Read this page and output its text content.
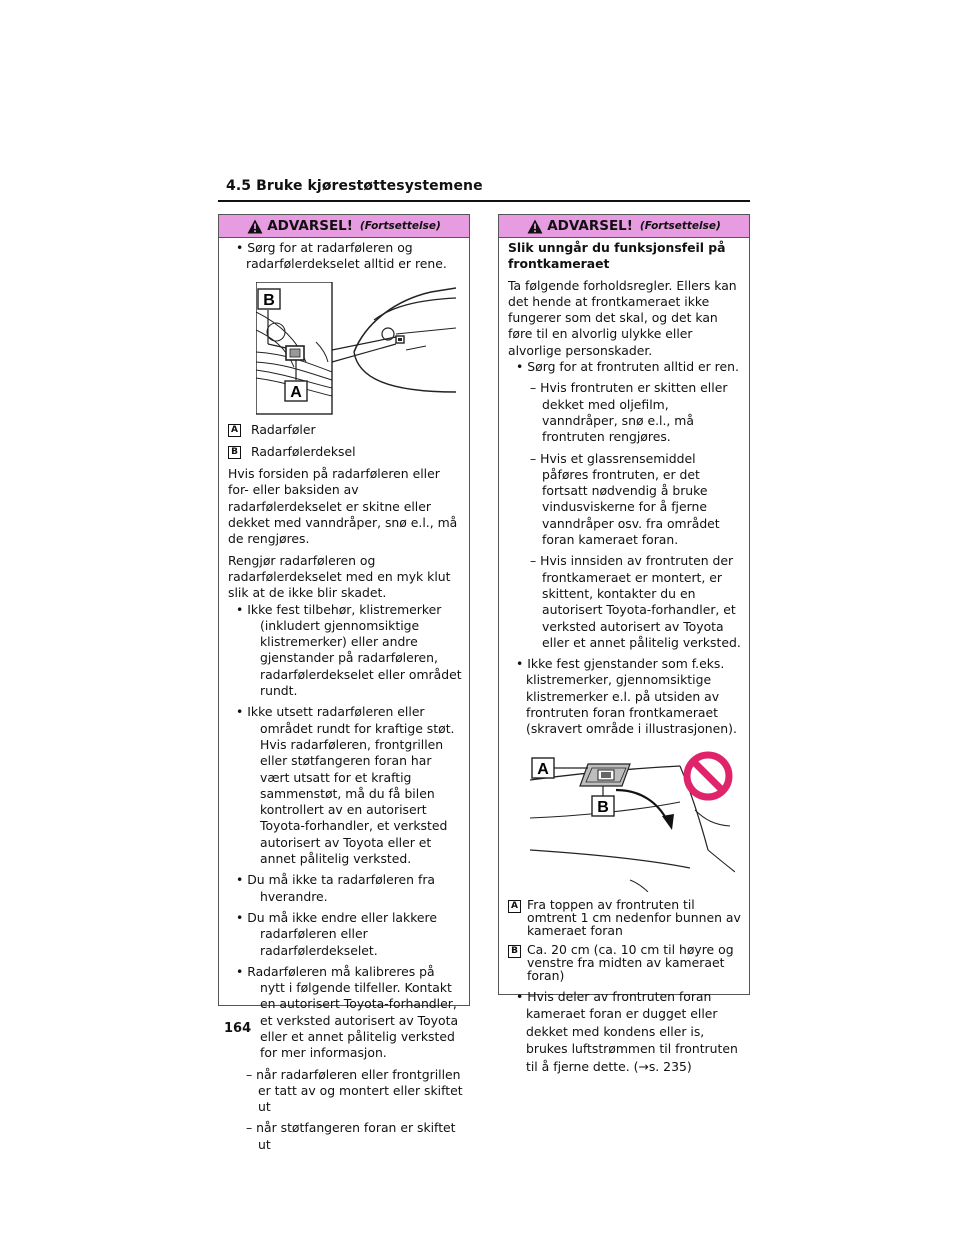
4.5 Bruke kjørestøttesystemene
ADVARSEL! (Fortsettelse)

• Sørg for at radarføleren og radarfølerdekselet alltid er rene.

B
A
A Radarføler
B Radarfølerdeksel

Hvis forsiden på radarføleren eller for- eller baksiden av radarfølerdekselet er skitne eller dekket med vanndråper, snø e.l., må de rengjøres.

Rengjør radarføleren og radarfølerdekselet med en myk klut slik at de ikke blir skadet.

• Ikke fest tilbehør, klistremerker (inkludert gjennomsiktige klistremerker) eller andre gjenstander på radarføleren, radarfølerdekselet eller området rundt.

• Ikke utsett radarføleren eller området rundt for kraftige støt. Hvis radarføleren, frontgrillen eller støtfangeren foran har vært utsatt for et kraftig sammenstøt, må du få bilen kontrollert av en autorisert Toyota-forhandler, et verksted autorisert av Toyota eller et annet pålitelig verksted.

• Du må ikke ta radarføleren fra hverandre.

• Du må ikke endre eller lakkere radarføleren eller radarfølerdekselet.

• Radarføleren må kalibreres på nytt i følgende tilfeller. Kontakt en autorisert Toyota-forhandler, et verksted autorisert av Toyota eller et annet pålitelig verksted for mer informasjon.

– når radarføleren eller frontgrillen er tatt av og montert eller skiftet ut

– når støtfangeren foran er skiftet ut

ADVARSEL! (Fortsettelse)

Slik unngår du funksjonsfeil på frontkameraet

Ta følgende forholdsregler. Ellers kan det hende at frontkameraet ikke fungerer som det skal, og det kan føre til en alvorlig ulykke eller alvorlige personskader.

• Sørg for at frontruten alltid er ren.

– Hvis frontruten er skitten eller dekket med oljefilm, vanndråper, snø e.l., må frontruten rengjøres.

– Hvis et glassrensemiddel påføres frontruten, er det fortsatt nødvendig å bruke vindusviskerne for å fjerne vanndråper osv. fra området foran kameraet foran.

– Hvis innsiden av frontruten der frontkameraet er montert, er skittent, kontakter du en autorisert Toyota-forhandler, et verksted autorisert av Toyota eller et annet pålitelig verksted.

• Ikke fest gjenstander som f.eks. klistremerker, gjennomsiktige klistremerker e.l. på utsiden av frontruten foran frontkameraet (skravert område i illustrasjonen).

A
B
A Fra toppen av frontruten til omtrent 1 cm nedenfor bunnen av kameraet foran
B Ca. 20 cm (ca. 10 cm til høyre og venstre fra midten av kameraet foran)

• Hvis deler av frontruten foran kameraet foran er dugget eller dekket med kondens eller is, brukes luftstrømmen til frontruten til å fjerne dette. (→s. 235)

164
